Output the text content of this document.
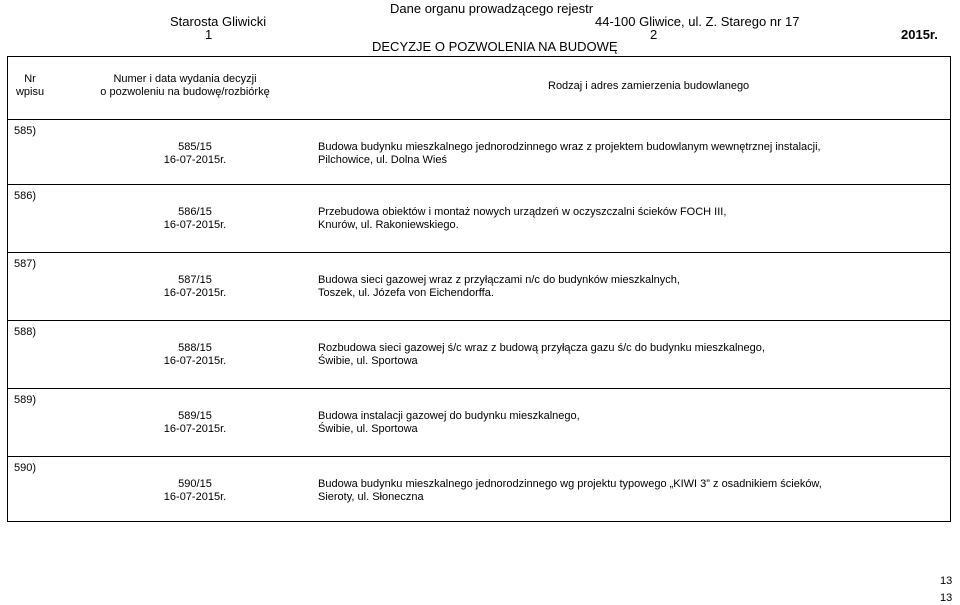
Dane organu prowadzącego rejestr
Starosta Gliwicki	44-100 Gliwice, ul. Z. Starego nr 17
1	2	2015r.
DECYZJE O POZWOLENIA NA BUDOWĘ
Nr
wpisu
Numer i data wydania decyzji
o pozwoleniu na budowę/rozbiórkę	Rodzaj i adres zamierzenia budowlanego
585)
585/15
16-07-2015r.
Budowa budynku mieszkalnego jednorodzinnego wraz z projektem budowlanym wewnętrznej instalacji,
Pilchowice, ul. Dolna Wieś
586)
586/15
16-07-2015r.
Przebudowa obiektów i montaż nowych urządzeń w oczyszczalni ścieków FOCH III,
Knurów, ul. Rakoniewskiego.
587)
587/15
16-07-2015r.
Budowa sieci gazowej wraz z przyłączami n/c do budynków mieszkalnych,
Toszek, ul. Józefa von Eichendorffa.
588)
588/15
16-07-2015r.
Rozbudowa sieci gazowej ś/c wraz z budową przyłącza gazu ś/c do budynku mieszkalnego,
Świbie, ul. Sportowa
589)
589/15
16-07-2015r.
Budowa instalacji gazowej do budynku mieszkalnego,
Świbie, ul. Sportowa
590)
590/15
16-07-2015r.
Budowa budynku mieszkalnego jednorodzinnego wg projektu typowego „KIWI 3” z osadnikiem ścieków,
Sieroty, ul. Słoneczna
13
13
